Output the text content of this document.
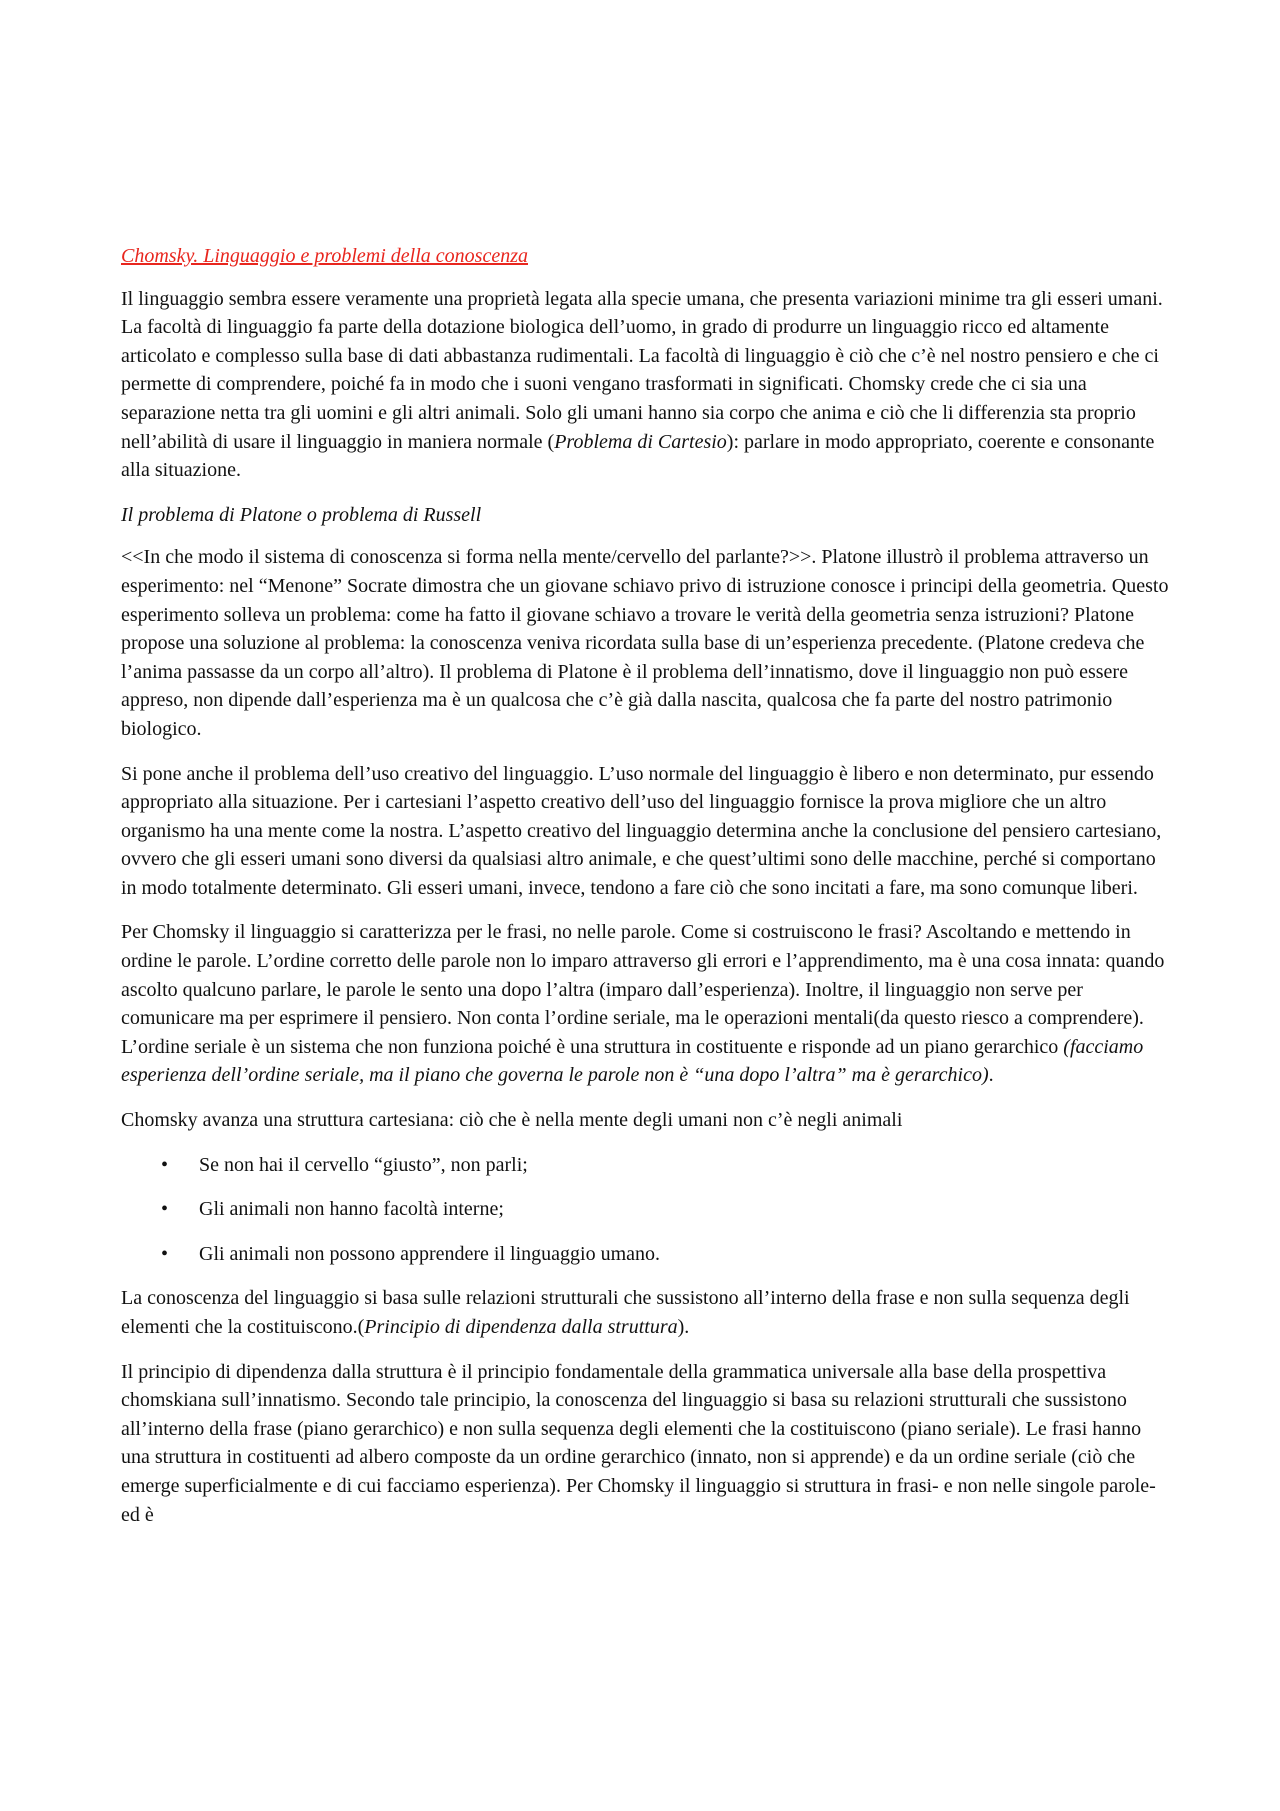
Chomsky. Linguaggio e problemi della conoscenza

Il linguaggio sembra essere veramente una proprietà legata alla specie umana, che presenta variazioni minime tra gli esseri umani. La facoltà di linguaggio fa parte della dotazione biologica dell’uomo, in grado di produrre un linguaggio ricco ed altamente articolato e complesso sulla base di dati abbastanza rudimentali. La facoltà di linguaggio è ciò che c’è nel nostro pensiero e che ci permette di comprendere, poiché fa in modo che i suoni vengano trasformati in significati. Chomsky crede che ci sia una separazione netta tra gli uomini e gli altri animali. Solo gli umani hanno sia corpo che anima e ciò che li differenzia sta proprio nell’abilità di usare il linguaggio in maniera normale (Problema di Cartesio): parlare in modo appropriato, coerente e consonante alla situazione.

Il problema di Platone o problema di Russell

<<In che modo il sistema di conoscenza si forma nella mente/cervello del parlante?>>. Platone illustrò il problema attraverso un esperimento: nel “Menone” Socrate dimostra che un giovane schiavo privo di istruzione conosce i principi della geometria. Questo esperimento solleva un problema: come ha fatto il giovane schiavo a trovare le verità della geometria senza istruzioni? Platone propose una soluzione al problema: la conoscenza veniva ricordata sulla base di un’esperienza precedente. (Platone credeva che l’anima passasse da un corpo all’altro). Il problema di Platone è il problema dell’innatismo, dove il linguaggio non può essere appreso, non dipende dall’esperienza ma è un qualcosa che c’è già dalla nascita, qualcosa che fa parte del nostro patrimonio biologico.

Si pone anche il problema dell’uso creativo del linguaggio. L’uso normale del linguaggio è libero e non determinato, pur essendo appropriato alla situazione. Per i cartesiani l’aspetto creativo dell’uso del linguaggio fornisce la prova migliore che un altro organismo ha una mente come la nostra. L’aspetto creativo del linguaggio determina anche la conclusione del pensiero cartesiano, ovvero che gli esseri umani sono diversi da qualsiasi altro animale, e che quest’ultimi sono delle macchine, perché si comportano in modo totalmente determinato. Gli esseri umani, invece, tendono a fare ciò che sono incitati a fare, ma sono comunque liberi.

Per Chomsky il linguaggio si caratterizza per le frasi, no nelle parole. Come si costruiscono le frasi? Ascoltando e mettendo in ordine le parole. L’ordine corretto delle parole non lo imparo attraverso gli errori e l’apprendimento, ma è una cosa innata: quando ascolto qualcuno parlare, le parole le sento una dopo l’altra (imparo dall’esperienza). Inoltre, il linguaggio non serve per comunicare ma per esprimere il pensiero. Non conta l’ordine seriale, ma le operazioni mentali(da questo riesco a comprendere). L’ordine seriale è un sistema che non funziona poiché è una struttura in costituente e risponde ad un piano gerarchico (facciamo esperienza dell’ordine seriale, ma il piano che governa le parole non è “una dopo l’altra” ma è gerarchico).

Chomsky avanza una struttura cartesiana: ciò che è nella mente degli umani non c’è negli animali

• Se non hai il cervello “giusto”, non parli;
• Gli animali non hanno facoltà interne;
• Gli animali non possono apprendere il linguaggio umano.

La conoscenza del linguaggio si basa sulle relazioni strutturali che sussistono all’interno della frase e non sulla sequenza degli elementi che la costituiscono.(Principio di dipendenza dalla struttura).

Il principio di dipendenza dalla struttura è il principio fondamentale della grammatica universale alla base della prospettiva chomskiana sull’innatismo. Secondo tale principio, la conoscenza del linguaggio si basa su relazioni strutturali che sussistono all’interno della frase (piano gerarchico) e non sulla sequenza degli elementi che la costituiscono (piano seriale). Le frasi hanno una struttura in costituenti ad albero composte da un ordine gerarchico (innato, non si apprende) e da un ordine seriale (ciò che emerge superficialmente e di cui facciamo esperienza). Per Chomsky il linguaggio si struttura in frasi- e non nelle singole parole- ed è
